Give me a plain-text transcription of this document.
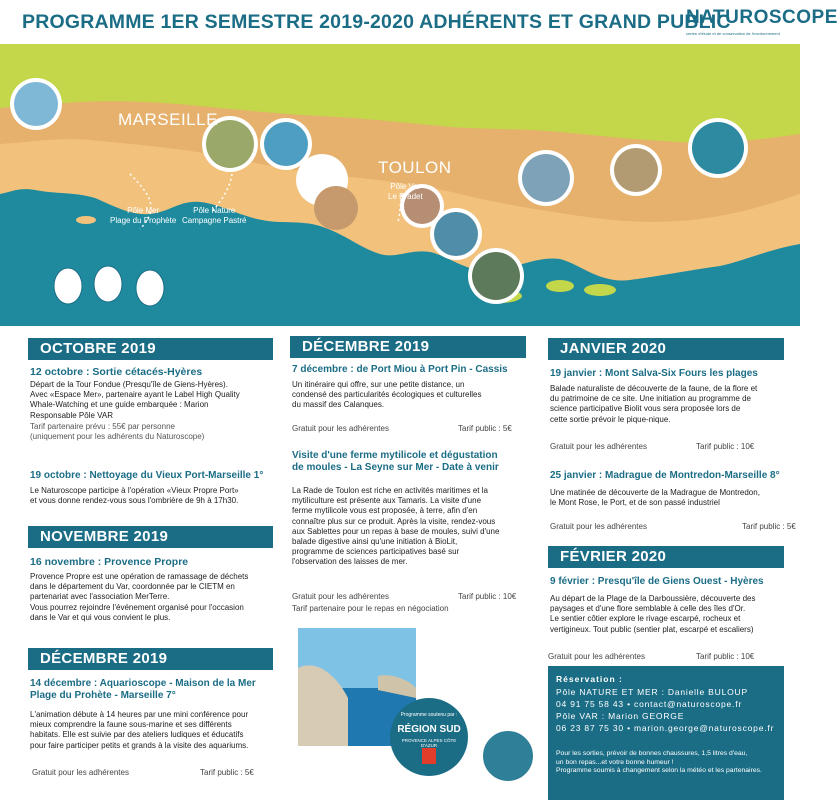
PROGRAMME 1ER SEMESTRE 2019-2020 ADHÉRENTS ET GRAND PUBLIC
NATUROSCOPE
centre d'étude et de conservation de l'environnement
MARSEILLE
TOULON
Pôle Mer
Plage du Prophète
Pôle Nature
Campagne Pastré
Pôle Var
Le Pradet
OCTOBRE 2019
12 octobre : Sortie cétacés-Hyères
Départ de la Tour Fondue (Presqu'île de Giens-Hyères).
Avec «Espace Mer», partenaire ayant le Label High Quality
Whale-Watching et une guide embarquée : Marion
Responsable Pôle VAR
Tarif partenaire prévu : 55€ par personne
(uniquement pour les adhérents du Naturoscope)
19 octobre : Nettoyage du Vieux Port-Marseille 1°
Le Naturoscope participe à l'opération «Vieux Propre Port»
et vous donne rendez-vous sous l'ombrière de 9h à 17h30.
NOVEMBRE 2019
16 novembre : Provence Propre
Provence Propre est une opération de ramassage de déchets
dans le département du Var, coordonnée par le CIETM en
partenariat avec l'association MerTerre.
Vous pourrez rejoindre l'événement organisé pour l'occasion
dans le Var et qui vous convient le plus.
DÉCEMBRE 2019
14 décembre : Aquarioscope - Maison de la Mer
Plage du Prohète - Marseille 7°
L'animation débute à 14 heures par une mini conférence pour
mieux comprendre la faune sous-marine et ses différents
habitats. Elle est suivie par des ateliers ludiques et éducatifs
pour faire participer petits et grands à la visite des aquariums.
Gratuit pour les adhérentes	Tarif public : 5€
DÉCEMBRE 2019
7 décembre : de Port Miou à Port Pin - Cassis
Un itinéraire qui offre, sur une petite distance, un
condensé des particularités écologiques et culturelles
du massif des Calanques.
Gratuit pour les adhérentes	Tarif public : 5€
Visite d'une ferme mytilicole et dégustation
de moules - La Seyne sur Mer - Date à venir
La Rade de Toulon est riche en activités maritimes et la
mytiliculture est présente aux Tamaris. La visite d'une
ferme mytilicole vous est proposée, à terre, afin d'en
connaître plus sur ce produit. Après la visite, rendez-vous
aux Sablettes pour un repas à base de moules, suivi d'une
balade digestive ainsi qu'une initiation à BioLit,
programme de sciences participatives basé sur
l'observation des laisses de mer.
Gratuit pour les adhérentes	Tarif public : 10€
Tarif partenaire pour le repas en négociation
Programme soutenu par :
RÉGION SUD
PROVENCE ALPES CÔTE D'AZUR
JANVIER 2020
19 janvier : Mont Salva-Six Fours les plages
Balade naturaliste de découverte de la faune, de la flore et
du patrimoine de ce site. Une initiation au programme de
science participative Biolit vous sera proposée lors de
cette sortie prévoir le pique-nique.
Gratuit pour les adhérentes	Tarif public : 10€
25 janvier : Madrague de Montredon-Marseille 8°
Une matinée de découverte de la Madrague de Montredon,
le Mont Rose, le Port, et de son passé industriel
Gratuit pour les adhérentes	Tarif public : 5€
FÉVRIER 2020
9 février : Presqu'île de Giens Ouest - Hyères
Au départ de la Plage de la Darboussière, découverte des
paysages et d'une flore semblable à celle des îles d'Or.
Le sentier côtier explore le rivage escarpé, rocheux et
vertigineux. Tout public (sentier plat, escarpé et escaliers)
Gratuit pour les adhérentes	Tarif public : 10€
Réservation :
Pôle NATURE ET MER : Danielle BULOUP
04 91 75 58 43 • contact@naturoscope.fr
Pôle VAR : Marion GEORGE
06 23 87 75 30 • marion.george@naturoscope.fr
Pour les sorties, prévoir de bonnes chaussures, 1,5 litres d'eau,
un bon repas...et votre bonne humeur !
Programme soumis à changement selon la météo et les partenaires.
